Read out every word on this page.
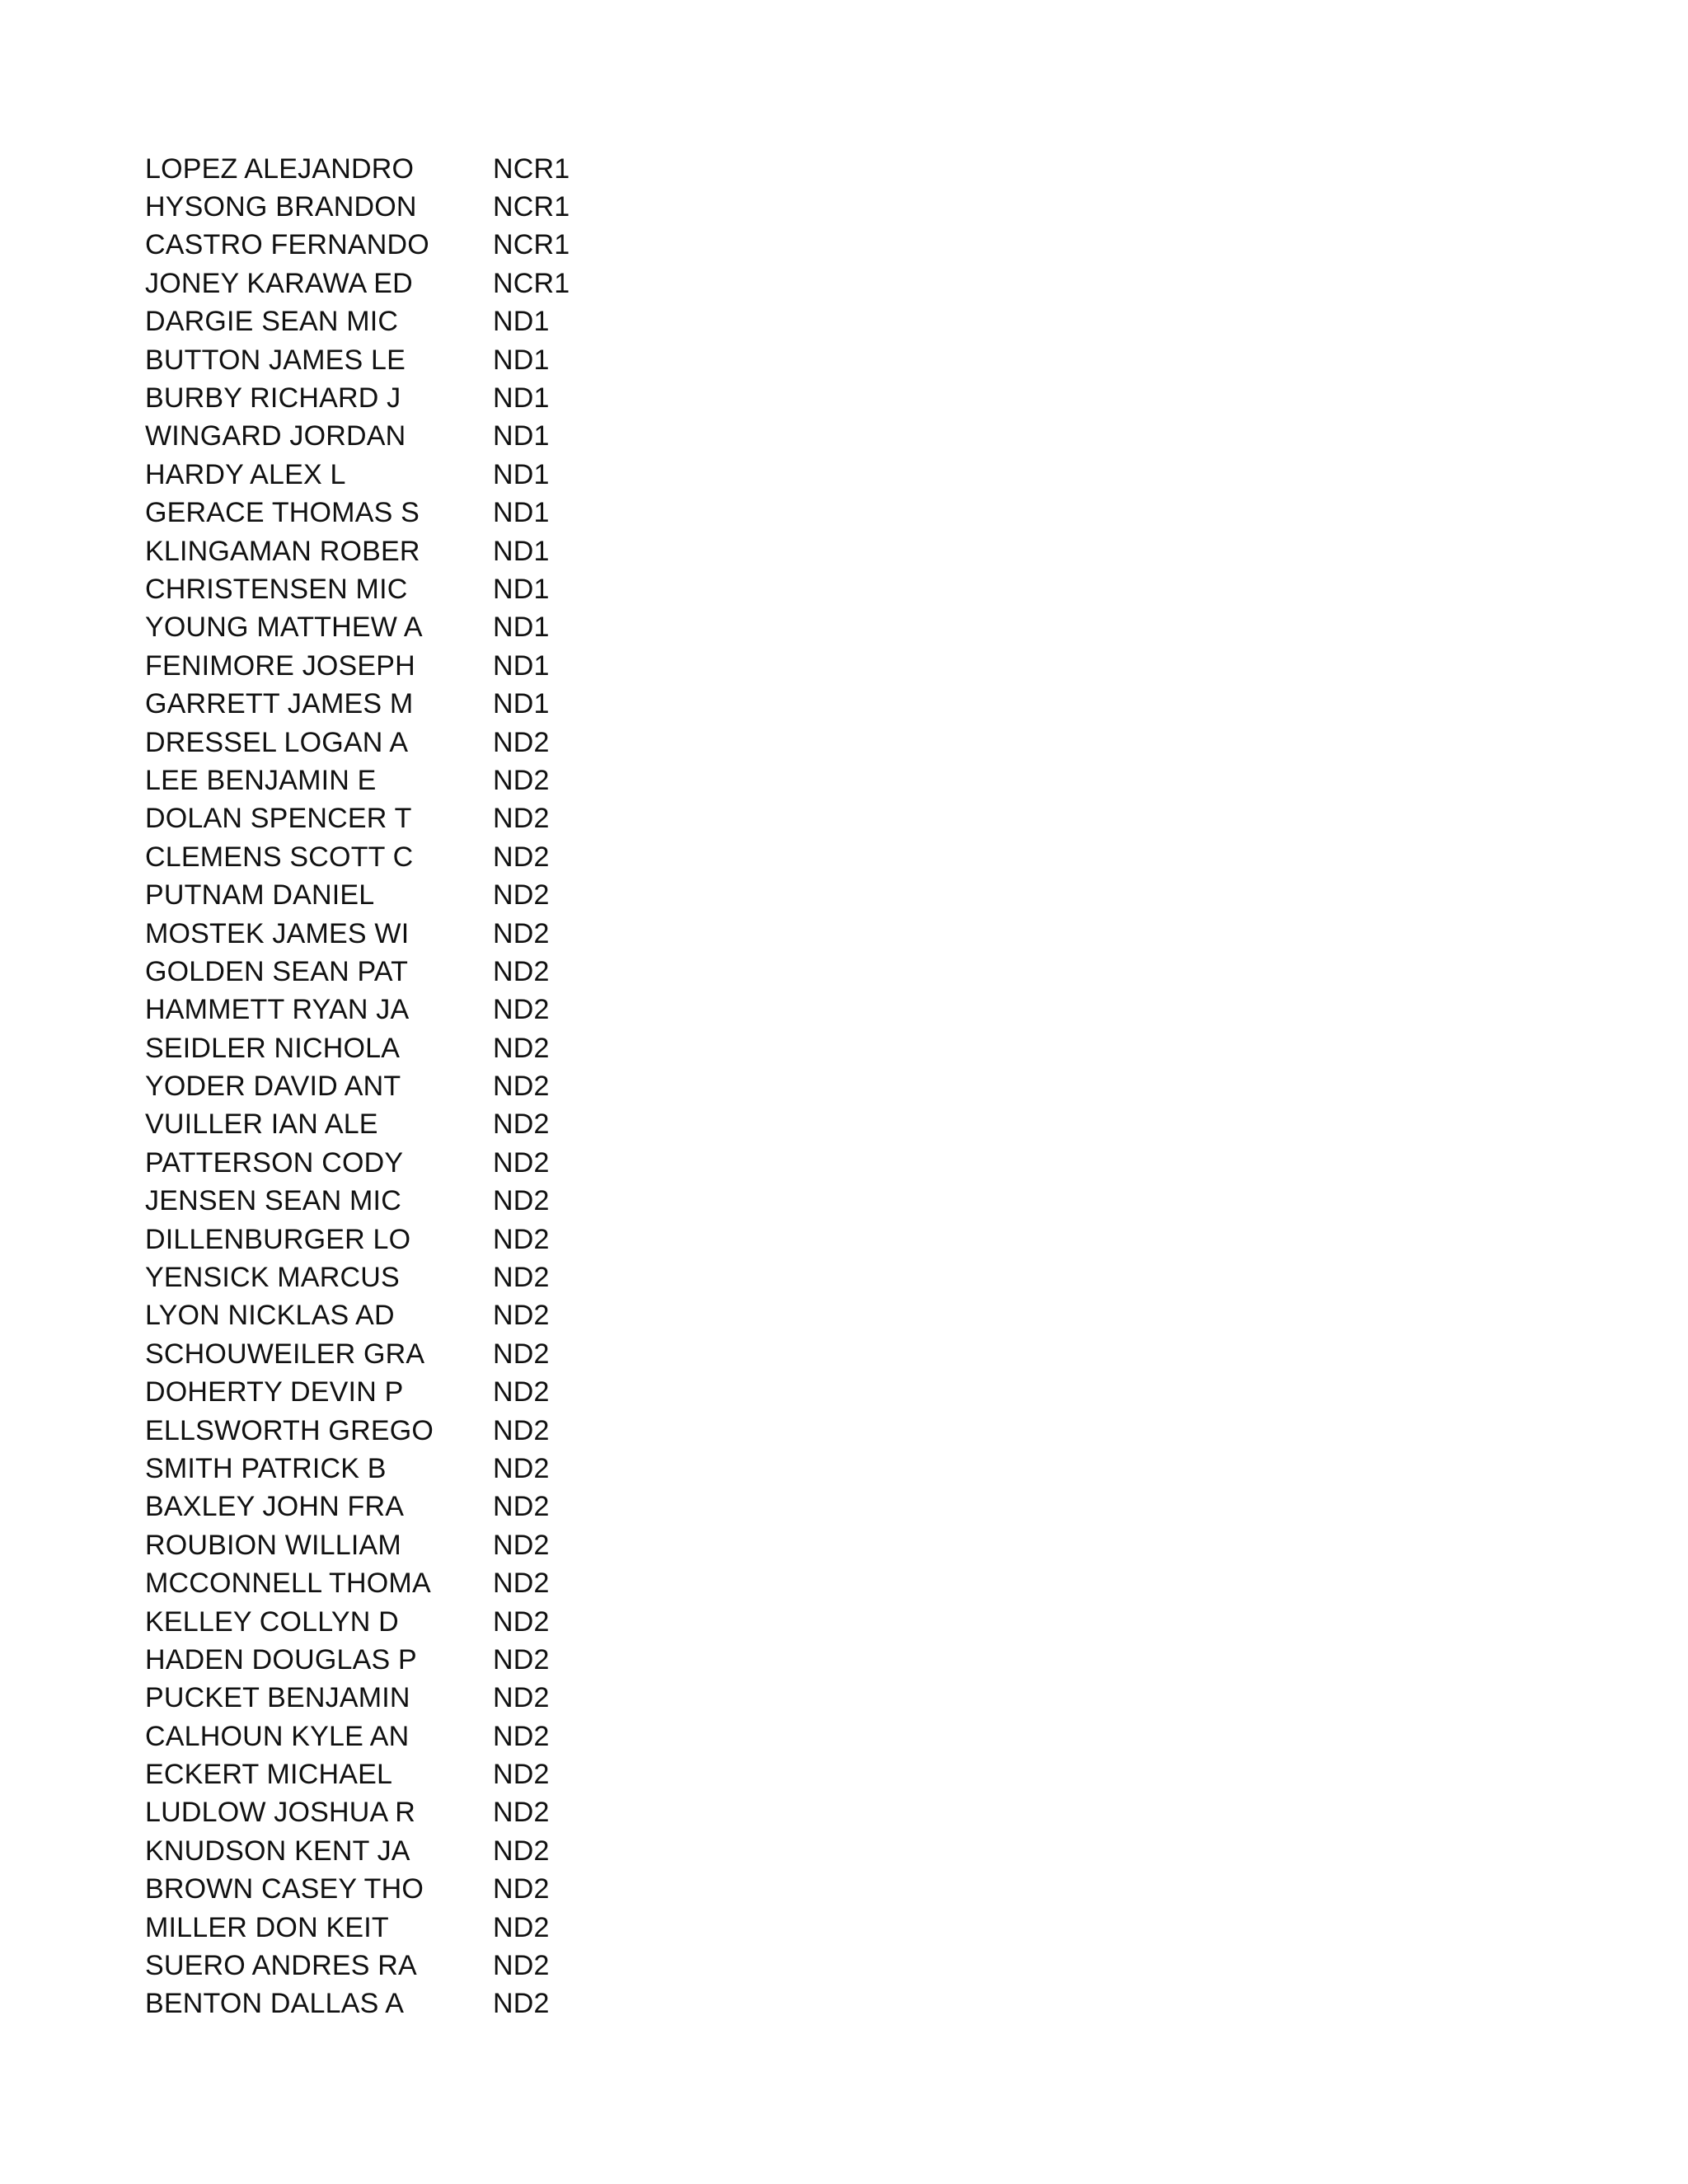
LOPEZ ALEJANDRO	NCR1
HYSONG BRANDON	NCR1
CASTRO FERNANDO	NCR1
JONEY KARAWA ED	NCR1
DARGIE SEAN MIC	ND1
BUTTON JAMES LE	ND1
BURBY RICHARD J	ND1
WINGARD JORDAN	ND1
HARDY ALEX L	ND1
GERACE THOMAS S	ND1
KLINGAMAN ROBER	ND1
CHRISTENSEN MIC	ND1
YOUNG MATTHEW A	ND1
FENIMORE JOSEPH	ND1
GARRETT JAMES M	ND1
DRESSEL LOGAN A	ND2
LEE BENJAMIN E	ND2
DOLAN SPENCER T	ND2
CLEMENS SCOTT C	ND2
PUTNAM DANIEL	ND2
MOSTEK JAMES WI	ND2
GOLDEN SEAN PAT	ND2
HAMMETT RYAN JA	ND2
SEIDLER NICHOLA	ND2
YODER DAVID ANT	ND2
VUILLER IAN ALE	ND2
PATTERSON CODY	ND2
JENSEN SEAN MIC	ND2
DILLENBURGER LO	ND2
YENSICK MARCUS	ND2
LYON NICKLAS AD	ND2
SCHOUWEILER GRA	ND2
DOHERTY DEVIN P	ND2
ELLSWORTH GREGO	ND2
SMITH PATRICK B	ND2
BAXLEY JOHN FRA	ND2
ROUBION WILLIAM	ND2
MCCONNELL THOMA	ND2
KELLEY COLLYN D	ND2
HADEN DOUGLAS P	ND2
PUCKET BENJAMIN	ND2
CALHOUN KYLE AN	ND2
ECKERT MICHAEL	ND2
LUDLOW JOSHUA R	ND2
KNUDSON KENT JA	ND2
BROWN CASEY THO	ND2
MILLER DON KEIT	ND2
SUERO ANDRES RA	ND2
BENTON DALLAS A	ND2
